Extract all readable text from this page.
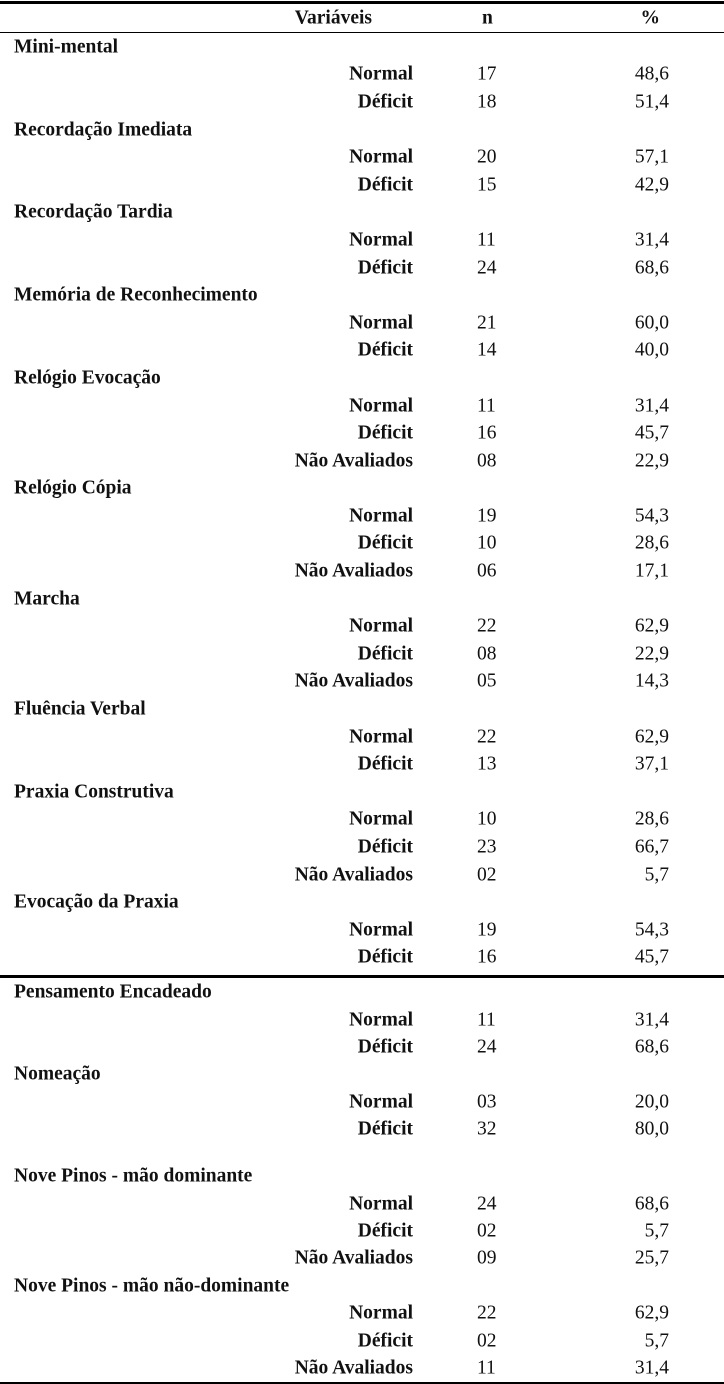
Variáveis	n	%
Mini-mental
Normal	17	48,6
Déficit	18	51,4
Recordação Imediata
Normal	20	57,1
Déficit	15	42,9
Recordação Tardia
Normal	11	31,4
Déficit	24	68,6
Memória de Reconhecimento
Normal	21	60,0
Déficit	14	40,0
Relógio Evocação
Normal	11	31,4
Déficit	16	45,7
Não Avaliados	08	22,9
Relógio Cópia
Normal	19	54,3
Déficit	10	28,6
Não Avaliados	06	17,1
Marcha
Normal	22	62,9
Déficit	08	22,9
Não Avaliados	05	14,3
Fluência Verbal
Normal	22	62,9
Déficit	13	37,1
Praxia Construtiva
Normal	10	28,6
Déficit	23	66,7
Não Avaliados	02	5,7
Evocação da Praxia
Normal	19	54,3
Déficit	16	45,7
Pensamento Encadeado
Normal	11	31,4
Déficit	24	68,6
Nomeação
Normal	03	20,0
Déficit	32	80,0
Nove Pinos - mão dominante
Normal	24	68,6
Déficit	02	5,7
Não Avaliados	09	25,7
Nove Pinos - mão não-dominante
Normal	22	62,9
Déficit	02	5,7
Não Avaliados	11	31,4
